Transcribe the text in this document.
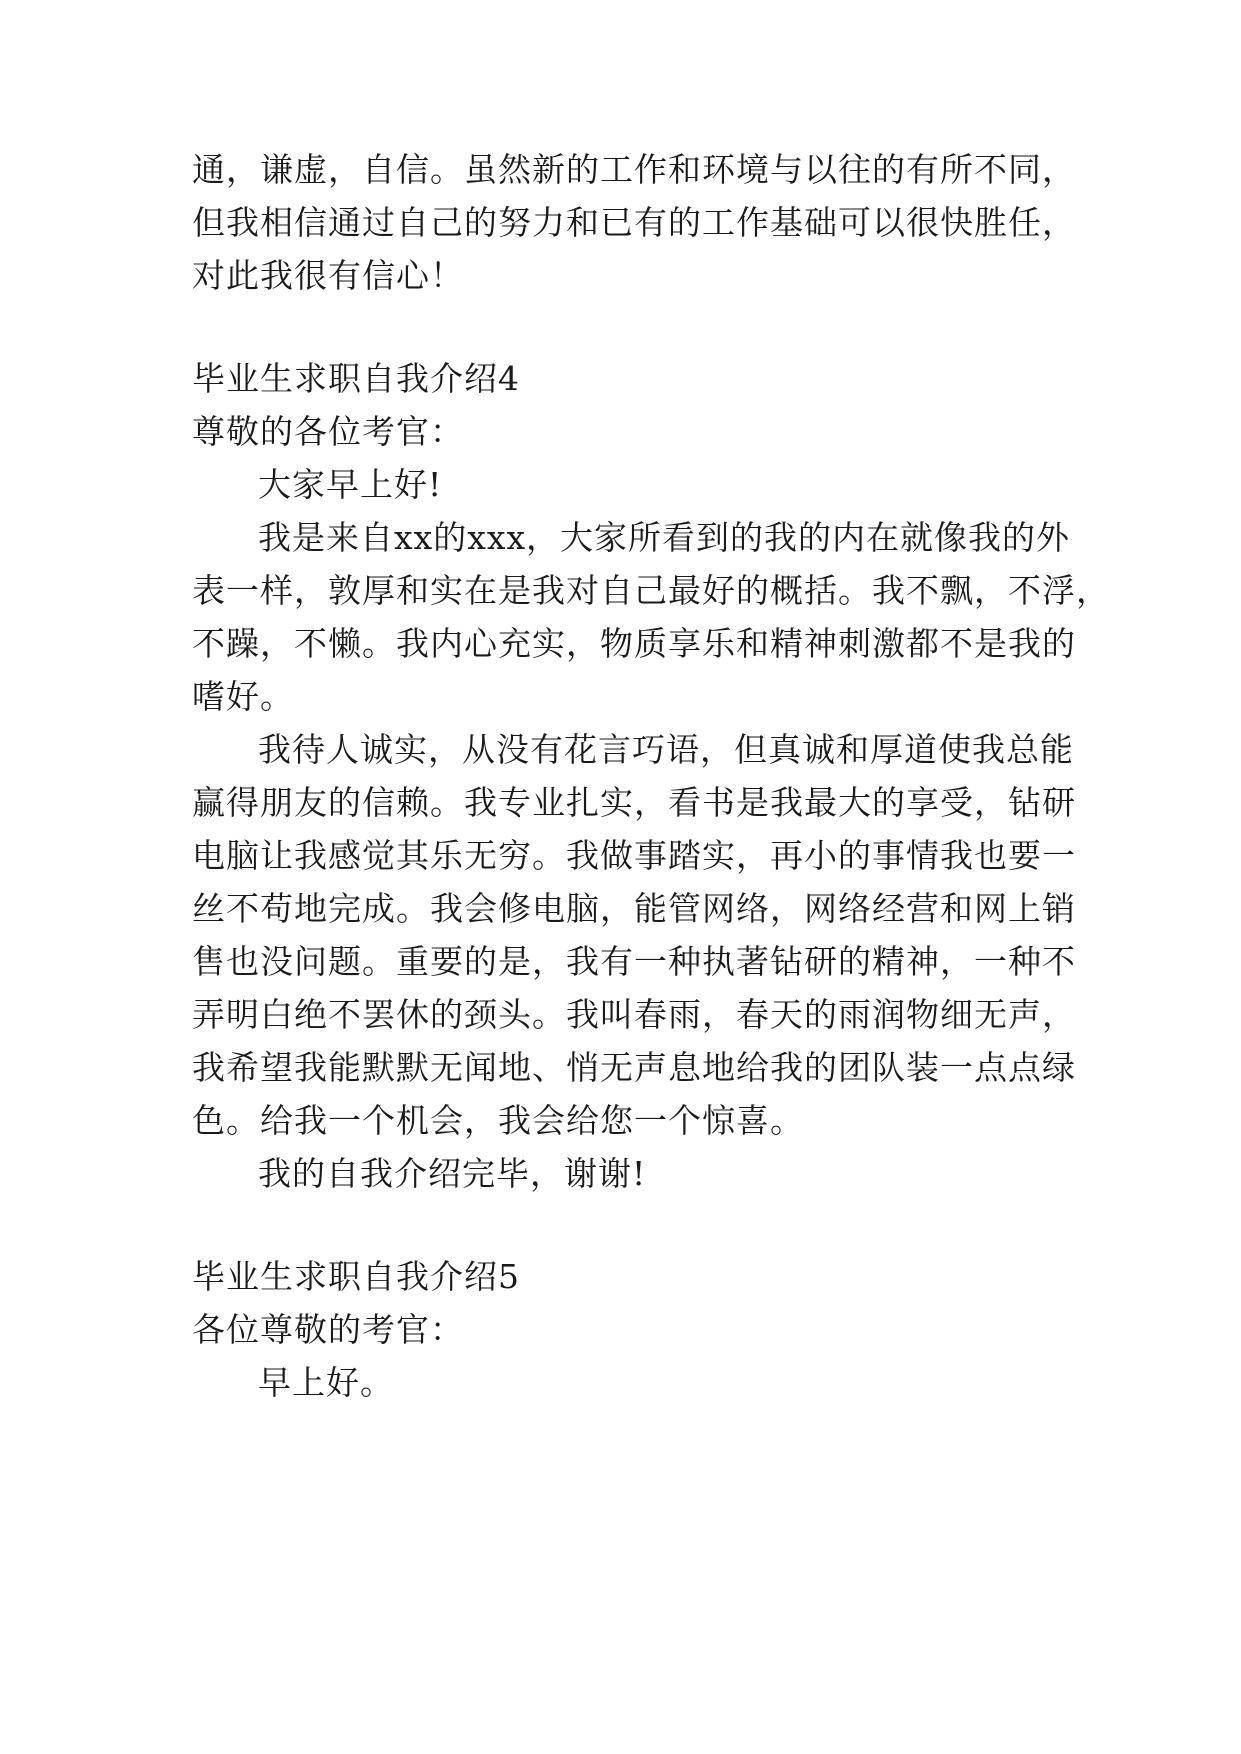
通，谦虚，自信。虽然新的工作和环境与以往的有所不同，
但我相信通过自己的努力和已有的工作基础可以很快胜任，
对此我很有信心！
毕业生求职自我介绍4
尊敬的各位考官：
大家早上好!
我是来自xx的xxx，大家所看到的我的内在就像我的外
表一样，敦厚和实在是我对自己最好的概括。我不飘，不浮，
不躁，不懒。我内心充实，物质享乐和精神刺激都不是我的
嗜好。
我待人诚实，从没有花言巧语，但真诚和厚道使我总能
赢得朋友的信赖。我专业扎实，看书是我最大的享受，钻研
电脑让我感觉其乐无穷。我做事踏实，再小的事情我也要一
丝不苟地完成。我会修电脑，能管网络，网络经营和网上销
售也没问题。重要的是，我有一种执著钻研的精神，一种不
弄明白绝不罢休的颈头。我叫春雨，春天的雨润物细无声，
我希望我能默默无闻地、悄无声息地给我的团队装一点点绿
色。给我一个机会，我会给您一个惊喜。
我的自我介绍完毕，谢谢!
毕业生求职自我介绍5
各位尊敬的考官：
早上好。
